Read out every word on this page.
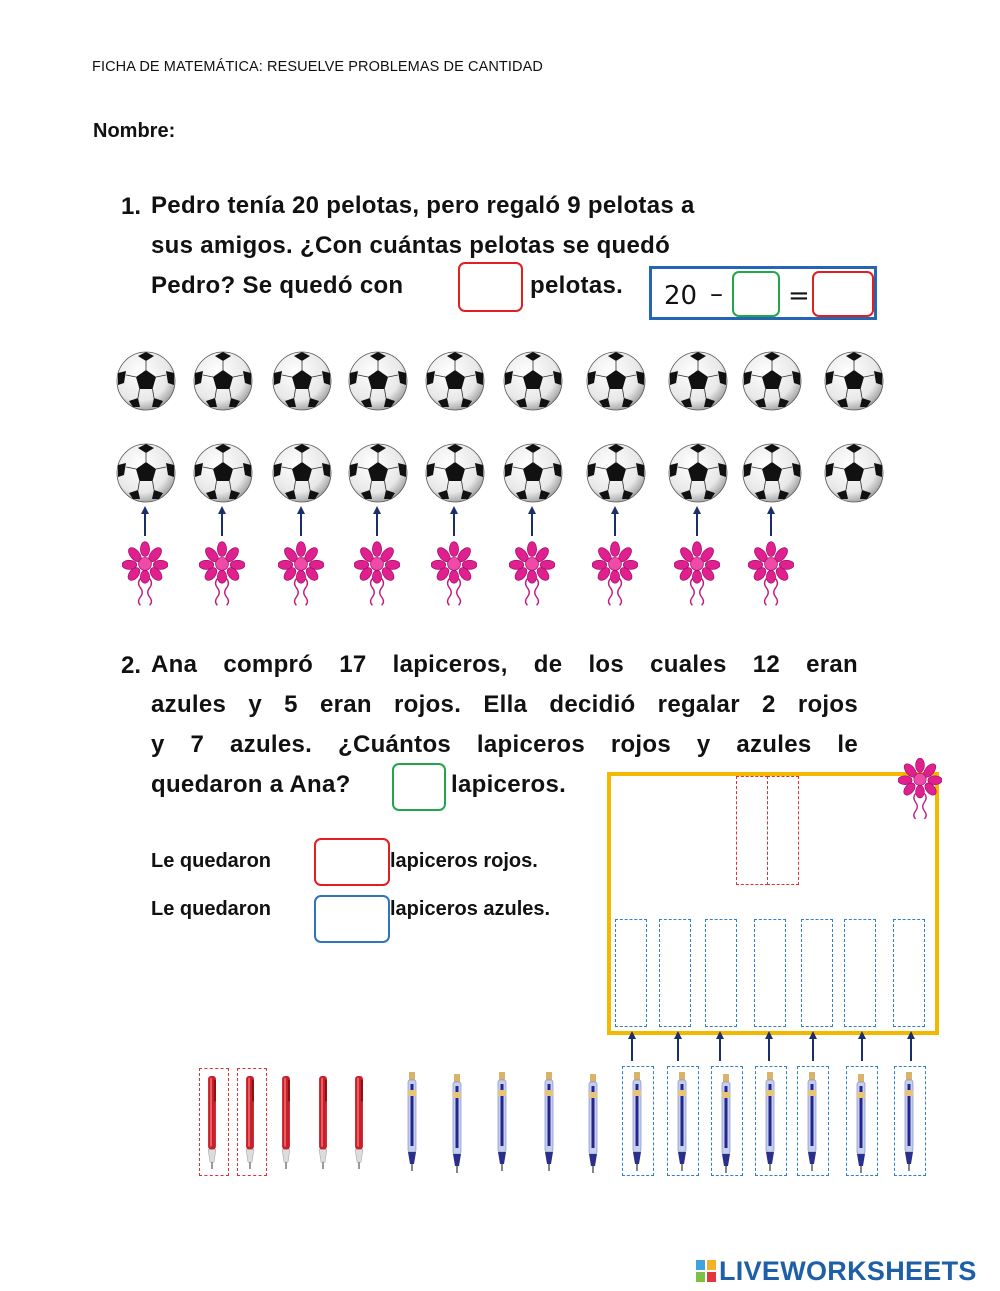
FICHA DE MATEMÁTICA: RESUELVE PROBLEMAS DE CANTIDAD
Nombre:
1. Pedro tenía 20 pelotas, pero regaló 9 pelotas a
sus amigos. ¿Con cuántas pelotas se quedó
Pedro? Se quedó con	pelotas. 20 –	=
2. Ana compró 17 lapiceros, de los cuales 12 eran
azules y 5 eran rojos. Ella decidió regalar 2 rojos
y 7 azules. ¿Cuántos lapiceros rojos y azules le
quedaron a Ana?	lapiceros.
Le quedaron	lapiceros rojos.
Le quedaron	lapiceros azules.
LIVEWORKSHEETS
